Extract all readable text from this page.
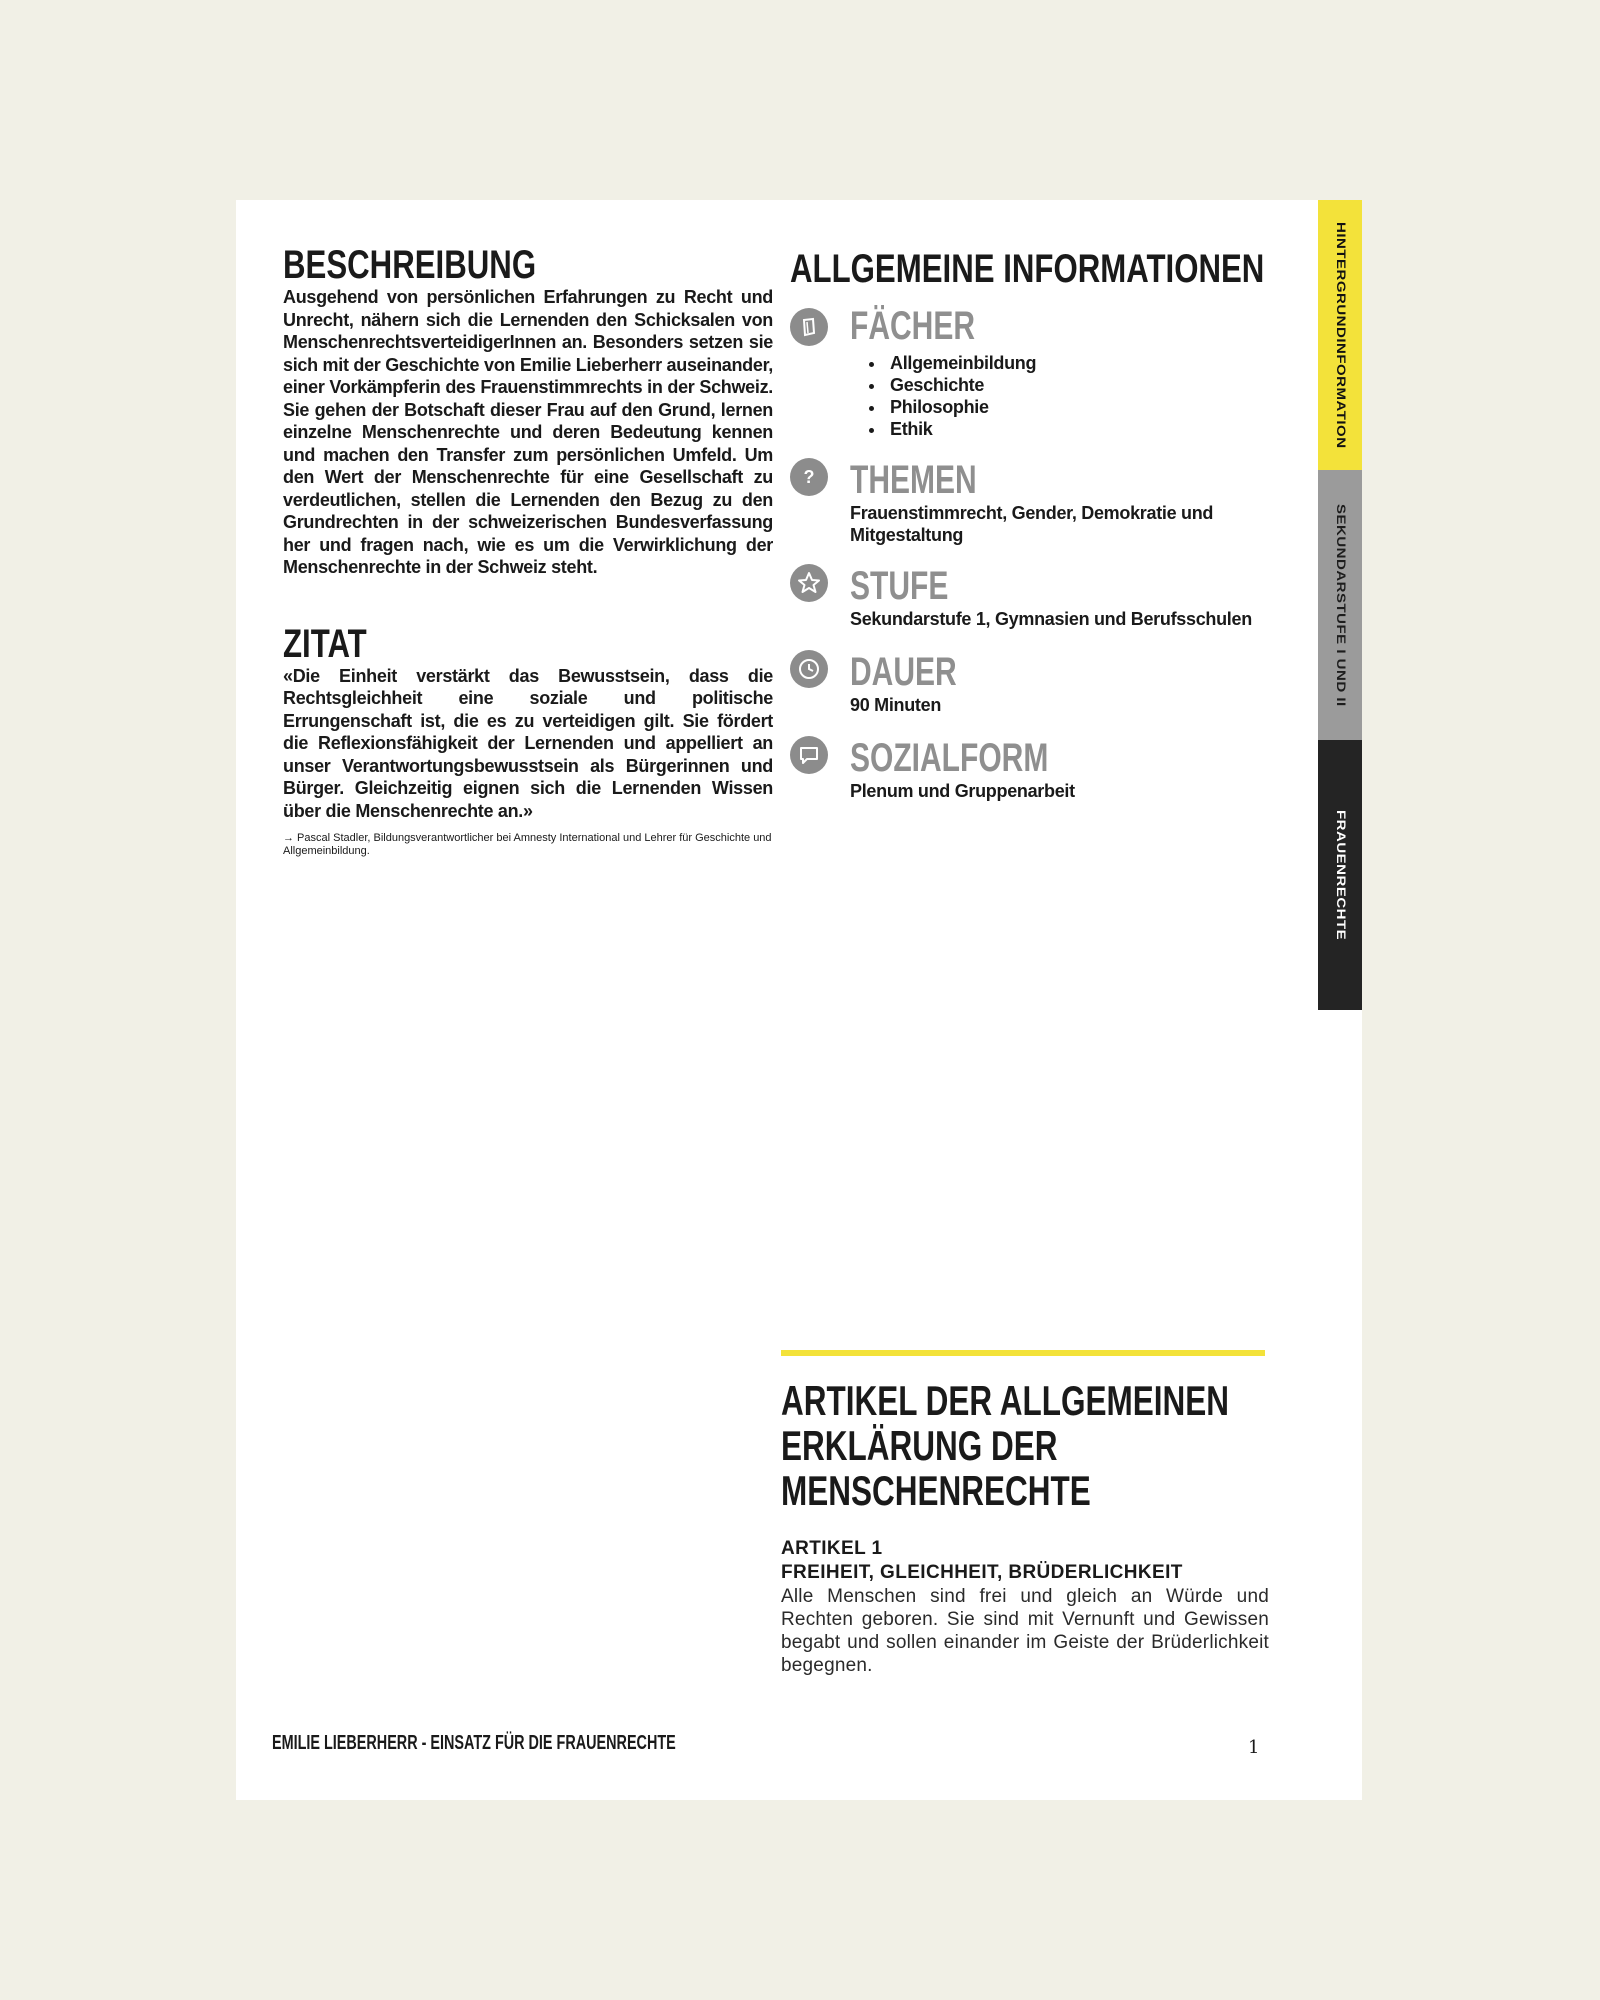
HINTERGRUNDINFORMATION
SEKUNDARSTUFE I UND II
FRAUENRECHTE
BESCHREIBUNG

Ausgehend von persönlichen Erfahrungen zu Recht und Unrecht, nähern sich die Lernenden den Schicksalen von MenschenrechtsverteidigerInnen an. Besonders setzen sie sich mit der Geschichte von Emilie Lieberherr auseinander, einer Vorkämpferin des Frauenstimmrechts in der Schweiz. Sie gehen der Botschaft dieser Frau auf den Grund, lernen einzelne Menschenrechte und deren Bedeutung kennen und machen den Transfer zum persönlichen Umfeld. Um den Wert der Menschenrechte für eine Gesellschaft zu verdeutlichen, stellen die Lernenden den Bezug zu den Grundrechten in der schweizerischen Bundesverfassung her und fragen nach, wie es um die Verwirklichung der Menschenrechte in der Schweiz steht.

ZITAT

«Die Einheit verstärkt das Bewusstsein, dass die Rechtsgleichheit eine soziale und politische Errungenschaft ist, die es zu verteidigen gilt. Sie fördert die Reflexionsfähigkeit der Lernenden und appelliert an unser Verantwortungsbewusstsein als Bürgerinnen und Bürger. Gleichzeitig eignen sich die Lernenden Wissen über die Menschenrechte an.»

→ Pascal Stadler, Bildungsverantwortlicher bei Amnesty International und Lehrer für Geschichte und Allgemeinbildung.

ALLGEMEINE INFORMATIONEN
FÄCHER
• Allgemeinbildung
• Geschichte
• Philosophie
• Ethik
? THEMEN

Frauenstimmrecht, Gender, Demokratie und Mitgestaltung

STUFE

Sekundarstufe 1, Gymnasien und Berufsschulen

DAUER

90 Minuten

SOZIALFORM

Plenum und Gruppenarbeit

ARTIKEL DER ALLGEMEINEN
ERKLÄRUNG DER
MENSCHENRECHTE

ARTIKEL 1

FREIHEIT, GLEICHHEIT, BRÜDERLICHKEIT

Alle Menschen sind frei und gleich an Würde und Rechten geboren. Sie sind mit Vernunft und Gewissen begabt und sollen einander im Geiste der Brüderlichkeit begegnen.

EMILIE LIEBERHERR - EINSATZ FÜR DIE FRAUENRECHTE	1
